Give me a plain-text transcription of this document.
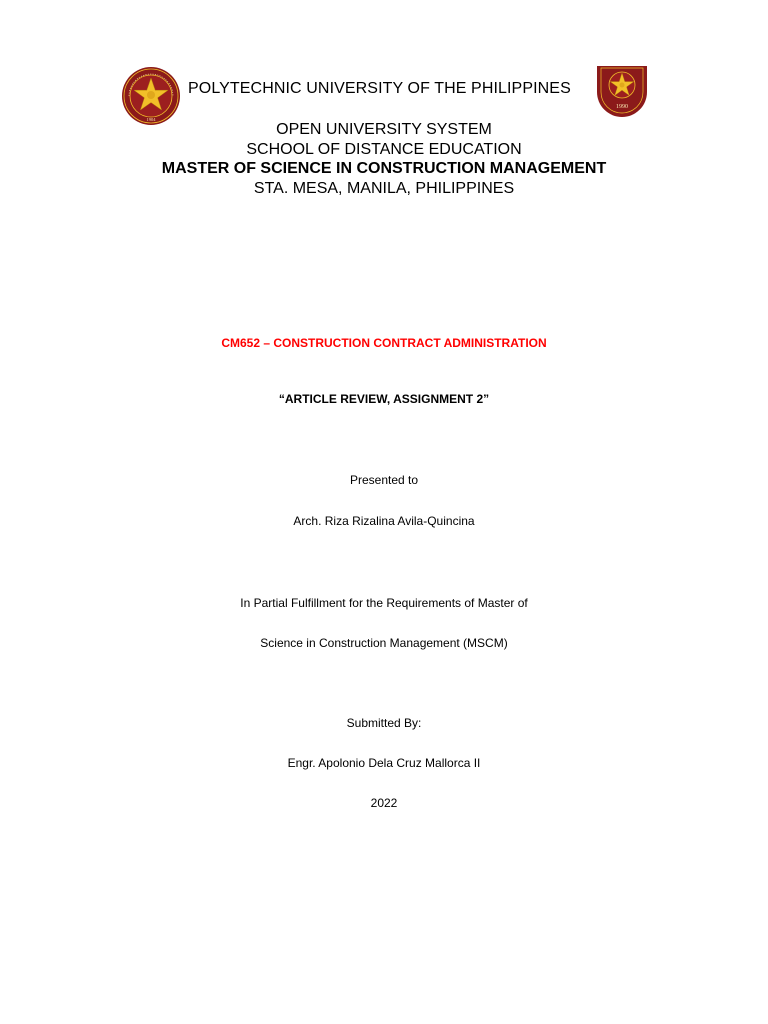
1904
1990
POLYTECHNIC UNIVERSITY OF THE PHILIPPINES
OPEN UNIVERSITY SYSTEM
SCHOOL OF DISTANCE EDUCATION
MASTER OF SCIENCE IN CONSTRUCTION MANAGEMENT
STA. MESA, MANILA, PHILIPPINES
CM652 – CONSTRUCTION CONTRACT ADMINISTRATION
“ARTICLE REVIEW, ASSIGNMENT 2”
Presented to
Arch. Riza Rizalina Avila-Quincina
In Partial Fulfillment for the Requirements of Master of
Science in Construction Management (MSCM)
Submitted By:
Engr. Apolonio Dela Cruz Mallorca II
2022
